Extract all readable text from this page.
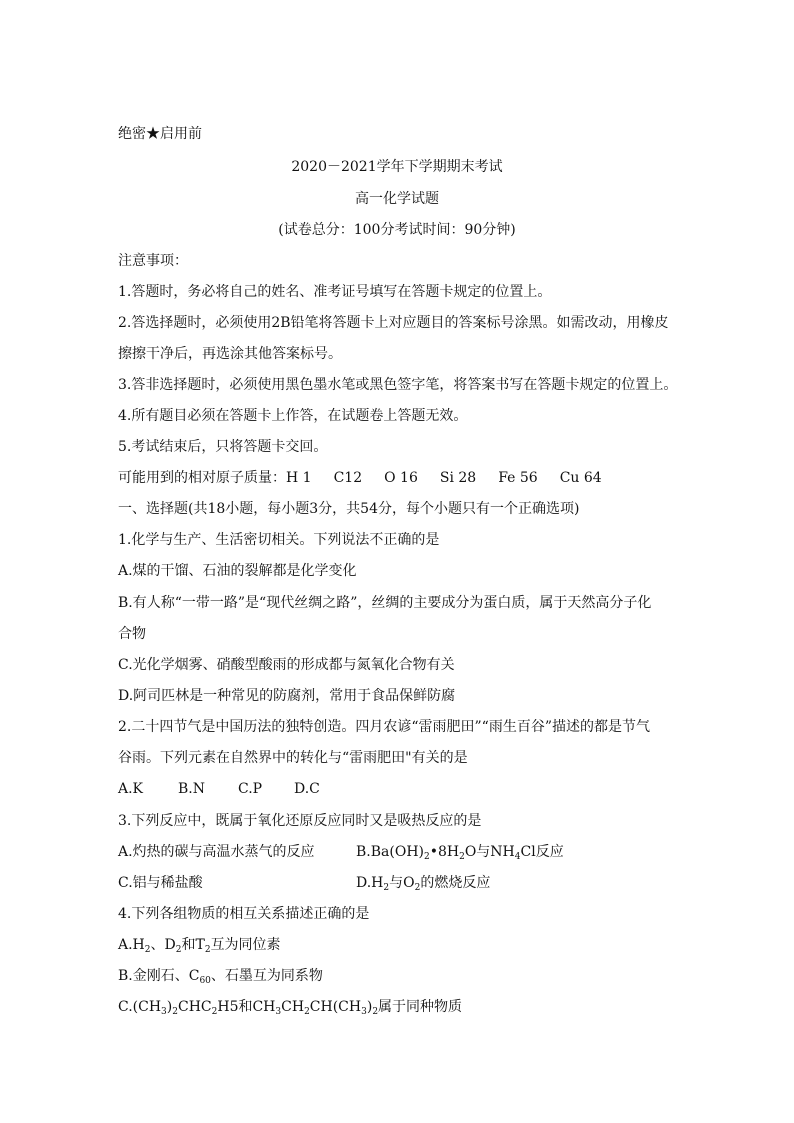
绝密★启用前
2020－2021学年下学期期末考试
高一化学试题
(试卷总分：100分考试时间：90分钟)
注意事项：
1.答题时，务必将自己的姓名、准考证号填写在答题卡规定的位置上。
2.答选择题时，必须使用2B铅笔将答题卡上对应题目的答案标号涂黑。如需改动，用橡皮
擦擦干净后，再选涂其他答案标号。
3.答非选择题时，必须使用黑色墨水笔或黑色签字笔，将答案书写在答题卡规定的位置上。
4.所有题目必须在答题卡上作答，在试题卷上答题无效。
5.考试结束后，只将答题卡交回。
可能用到的相对原子质量：H 1 C12 O 16 Si 28 Fe 56 Cu 64
一、选择题(共18小题，每小题3分，共54分，每个小题只有一个正确选项)
1.化学与生产、生活密切相关。下列说法不正确的是
A.煤的干馏、石油的裂解都是化学变化
B.有人称“一带一路”是“现代丝绸之路”，丝绸的主要成分为蛋白质，属于天然高分子化
合物
C.光化学烟雾、硝酸型酸雨的形成都与氮氧化合物有关
D.阿司匹林是一种常见的防腐剂，常用于食品保鲜防腐
2.二十四节气是中国历法的独特创造。四月农谚“雷雨肥田”“雨生百谷”描述的都是节气
谷雨。下列元素在自然界中的转化与“雷雨肥田"有关的是
A.K B.N C.P D.C
3.下列反应中，既属于氧化还原反应同时又是吸热反应的是
A.灼热的碳与高温水蒸气的反应	$B.Ba(OH)_2•8H_2O$与$NH_4Cl$反应
C.铝与稀盐酸	$D.H_2$与$O_2$的燃烧反应
4.下列各组物质的相互关系描述正确的是
$A.H_2$、$D_2$和$T_2$互为同位素
B.金刚石、$C_{60}$、石墨互为同系物
$C.(CH_3)_2CHC_2H5$和$CH_3CH_2CH(CH_3)_2$属于同种物质
